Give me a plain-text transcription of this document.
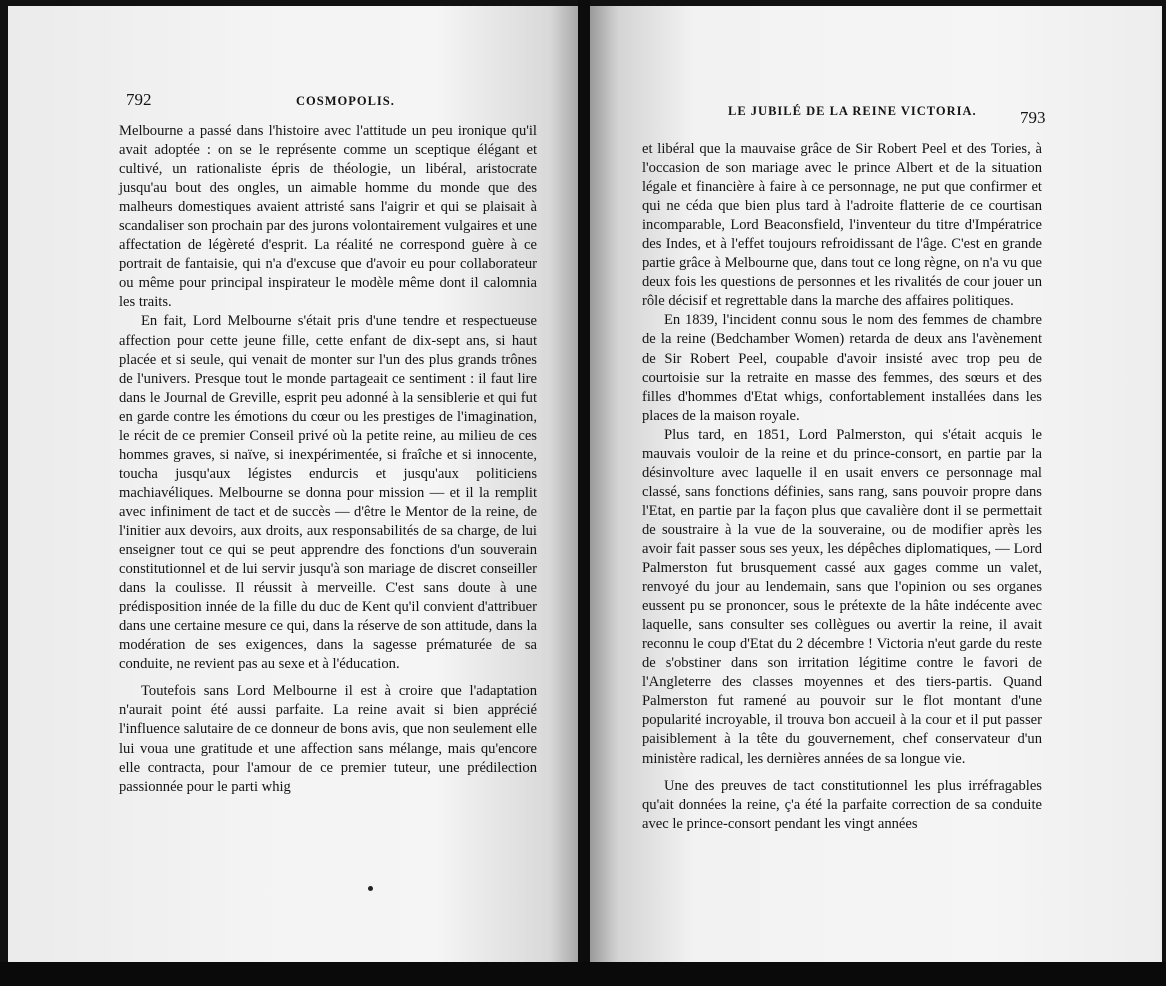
792	COSMOPOLIS.

Melbourne a passé dans l'histoire avec l'attitude un peu ironique qu'il avait adoptée : on se le représente comme un sceptique élégant et cultivé, un rationaliste épris de théologie, un libéral, aristocrate jusqu'au bout des ongles, un aimable homme du monde que des malheurs domestiques avaient attristé sans l'aigrir et qui se plaisait à scandaliser son prochain par des jurons volontairement vulgaires et une affectation de légèreté d'esprit. La réalité ne correspond guère à ce portrait de fantaisie, qui n'a d'excuse que d'avoir eu pour collaborateur ou même pour principal inspirateur le modèle même dont il calomnia les traits.

En fait, Lord Melbourne s'était pris d'une tendre et respectueuse affection pour cette jeune fille, cette enfant de dix-sept ans, si haut placée et si seule, qui venait de monter sur l'un des plus grands trônes de l'univers. Presque tout le monde partageait ce sentiment : il faut lire dans le Journal de Greville, esprit peu adonné à la sensiblerie et qui fut en garde contre les émotions du cœur ou les prestiges de l'imagination, le récit de ce premier Conseil privé où la petite reine, au milieu de ces hommes graves, si naïve, si inexpérimentée, si fraîche et si innocente, toucha jusqu'aux légistes endurcis et jusqu'aux politiciens machiavéliques. Melbourne se donna pour mission — et il la remplit avec infiniment de tact et de succès — d'être le Mentor de la reine, de l'initier aux devoirs, aux droits, aux responsabilités de sa charge, de lui enseigner tout ce qui se peut apprendre des fonctions d'un souverain constitutionnel et de lui servir jusqu'à son mariage de discret conseiller dans la coulisse. Il réussit à merveille. C'est sans doute à une prédisposition innée de la fille du duc de Kent qu'il convient d'attribuer dans une certaine mesure ce qui, dans la réserve de son attitude, dans la modération de ses exigences, dans la sagesse prématurée de sa conduite, ne revient pas au sexe et à l'éducation.

Toutefois sans Lord Melbourne il est à croire que l'adaptation n'aurait point été aussi parfaite. La reine avait si bien apprécié l'influence salutaire de ce donneur de bons avis, que non seulement elle lui voua une gratitude et une affection sans mélange, mais qu'encore elle contracta, pour l'amour de ce premier tuteur, une prédilection passionnée pour le parti whig

LE JUBILÉ DE LA REINE VICTORIA.	793

et libéral que la mauvaise grâce de Sir Robert Peel et des Tories, à l'occasion de son mariage avec le prince Albert et de la situation légale et financière à faire à ce personnage, ne put que confirmer et qui ne céda que bien plus tard à l'adroite flatterie de ce courtisan incomparable, Lord Beaconsfield, l'inventeur du titre d'Impératrice des Indes, et à l'effet toujours refroidissant de l'âge. C'est en grande partie grâce à Melbourne que, dans tout ce long règne, on n'a vu que deux fois les questions de personnes et les rivalités de cour jouer un rôle décisif et regrettable dans la marche des affaires politiques.

En 1839, l'incident connu sous le nom des femmes de chambre de la reine (Bedchamber Women) retarda de deux ans l'avènement de Sir Robert Peel, coupable d'avoir insisté avec trop peu de courtoisie sur la retraite en masse des femmes, des sœurs et des filles d'hommes d'Etat whigs, confortablement installées dans les places de la maison royale.

Plus tard, en 1851, Lord Palmerston, qui s'était acquis le mauvais vouloir de la reine et du prince-consort, en partie par la désinvolture avec laquelle il en usait envers ce personnage mal classé, sans fonctions définies, sans rang, sans pouvoir propre dans l'Etat, en partie par la façon plus que cavalière dont il se permettait de soustraire à la vue de la souveraine, ou de modifier après les avoir fait passer sous ses yeux, les dépêches diplomatiques, — Lord Palmerston fut brusquement cassé aux gages comme un valet, renvoyé du jour au lendemain, sans que l'opinion ou ses organes eussent pu se prononcer, sous le prétexte de la hâte indécente avec laquelle, sans consulter ses collègues ou avertir la reine, il avait reconnu le coup d'Etat du 2 décembre ! Victoria n'eut garde du reste de s'obstiner dans son irritation légitime contre le favori de l'Angleterre des classes moyennes et des tiers-partis. Quand Palmerston fut ramené au pouvoir sur le flot montant d'une popularité incroyable, il trouva bon accueil à la cour et il put passer paisiblement à la tête du gouvernement, chef conservateur d'un ministère radical, les dernières années de sa longue vie.

Une des preuves de tact constitutionnel les plus irréfragables qu'ait données la reine, ç'a été la parfaite correction de sa conduite avec le prince-consort pendant les vingt années
